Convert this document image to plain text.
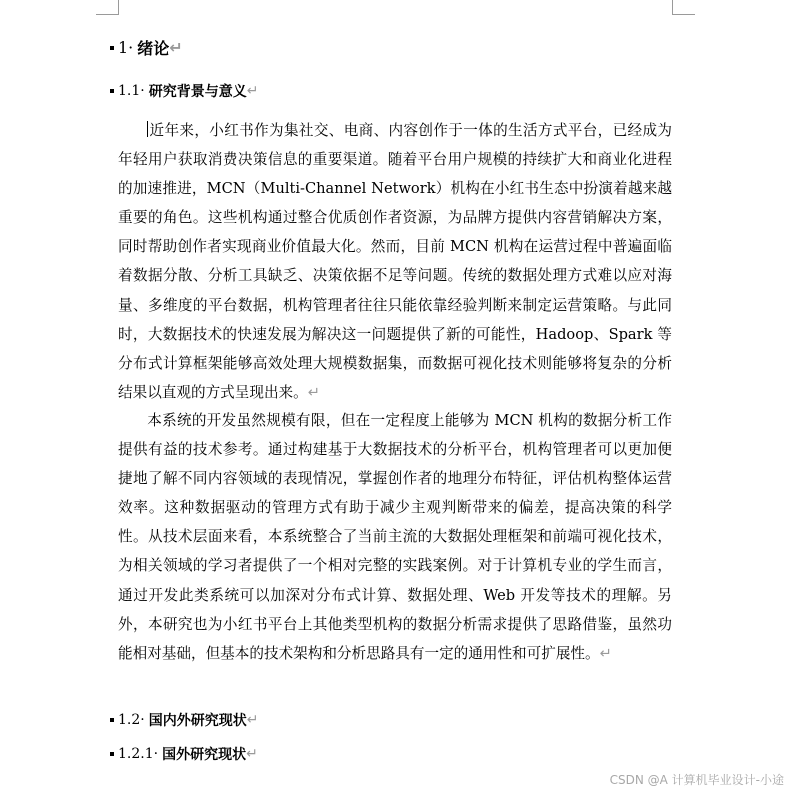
1· 绪论 ↵
1.1· 研究背景与意义 ↵
近年来，小红书作为集社交、电商、内容创作于一体的生活方式平台，已经成为年轻用户获取消费决策信息的重要渠道。随着平台用户规模的持续扩大和商业化进程的加速推进，MCN（Multi-Channel Network）机构在小红书生态中扮演着越来越重要的角色。这些机构通过整合优质创作者资源，为品牌方提供内容营销解决方案，同时帮助创作者实现商业价值最大化。然而，目前 MCN 机构在运营过程中普遍面临着数据分散、分析工具缺乏、决策依据不足等问题。传统的数据处理方式难以应对海量、多维度的平台数据，机构管理者往往只能依靠经验判断来制定运营策略。与此同时，大数据技术的快速发展为解决这一问题提供了新的可能性，Hadoop、Spark 等分布式计算框架能够高效处理大规模数据集，而数据可视化技术则能够将复杂的分析结果以直观的方式呈现出来。↵
本系统的开发虽然规模有限，但在一定程度上能够为 MCN 机构的数据分析工作提供有益的技术参考。通过构建基于大数据技术的分析平台，机构管理者可以更加便捷地了解不同内容领域的表现情况，掌握创作者的地理分布特征，评估机构整体运营效率。这种数据驱动的管理方式有助于减少主观判断带来的偏差，提高决策的科学性。从技术层面来看，本系统整合了当前主流的大数据处理框架和前端可视化技术，为相关领域的学习者提供了一个相对完整的实践案例。对于计算机专业的学生而言，通过开发此类系统可以加深对分布式计算、数据处理、Web 开发等技术的理解。另外，本研究也为小红书平台上其他类型机构的数据分析需求提供了思路借鉴，虽然功能相对基础，但基本的技术架构和分析思路具有一定的通用性和可扩展性。↵
1.2· 国内外研究现状 ↵
1.2.1· 国外研究现状 ↵
CSDN @A 计算机毕业设计-小途
